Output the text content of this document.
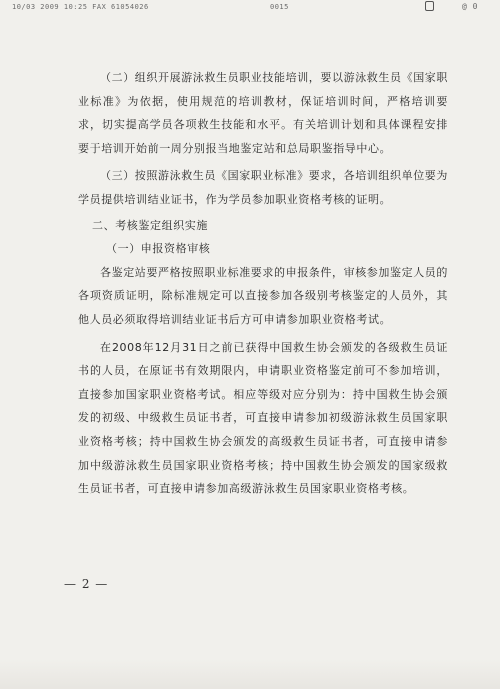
10/03 2009 10:25 FAX 61054026	0015	@ 0

（二）组织开展游泳救生员职业技能培训，要以游泳救生员《国家职业标准》为依据，使用规范的培训教材，保证培训时间，严格培训要求，切实提高学员各项救生技能和水平。有关培训计划和具体课程安排要于培训开始前一周分别报当地鉴定站和总局职鉴指导中心。

（三）按照游泳救生员《国家职业标准》要求，各培训组织单位要为学员提供培训结业证书，作为学员参加职业资格考核的证明。

二、考核鉴定组织实施

（一）申报资格审核

各鉴定站要严格按照职业标准要求的申报条件，审核参加鉴定人员的各项资质证明，除标准规定可以直接参加各级别考核鉴定的人员外，其他人员必须取得培训结业证书后方可申请参加职业资格考试。

在2008年12月31日之前已获得中国救生协会颁发的各级救生员证书的人员，在原证书有效期限内，申请职业资格鉴定前可不参加培训，直接参加国家职业资格考试。相应等级对应分别为：持中国救生协会颁发的初级、中级救生员证书者，可直接申请参加初级游泳救生员国家职业资格考核；持中国救生协会颁发的高级救生员证书者，可直接申请参加中级游泳救生员国家职业资格考核；持中国救生协会颁发的国家级救生员证书者，可直接申请参加高级游泳救生员国家职业资格考核。

— 2 —
